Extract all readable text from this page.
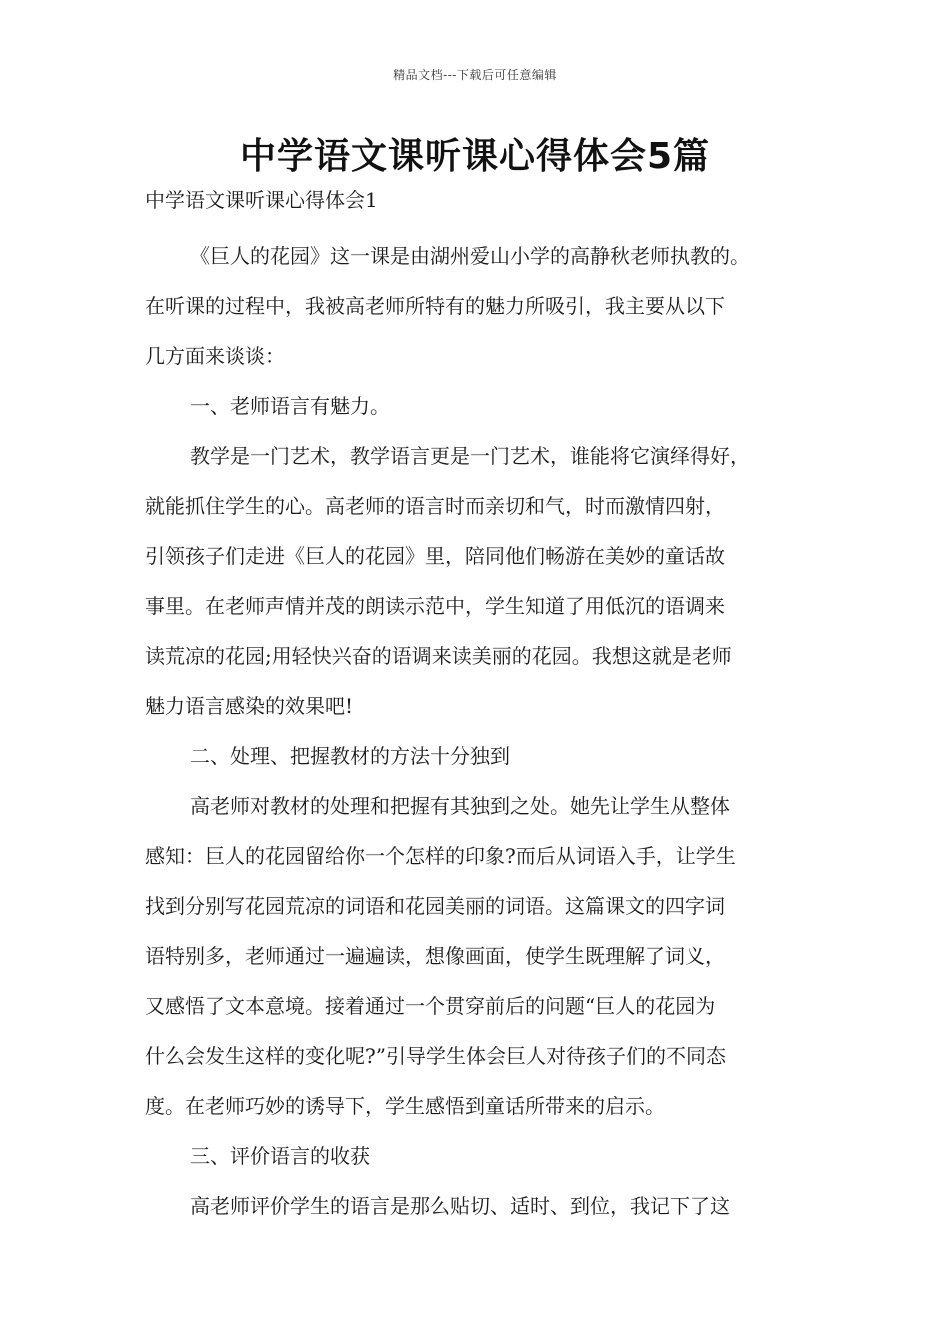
精品文档---下载后可任意编辑
中学语文课听课心得体会5篇

中学语文课听课心得体会1

《巨人的花园》这一课是由湖州爱山小学的高静秋老师执教的。
在听课的过程中，我被高老师所特有的魅力所吸引，我主要从以下
几方面来谈谈：

一、老师语言有魅力。

教学是一门艺术，教学语言更是一门艺术，谁能将它演绎得好，
就能抓住学生的心。高老师的语言时而亲切和气，时而激情四射，
引领孩子们走进《巨人的花园》里，陪同他们畅游在美妙的童话故
事里。在老师声情并茂的朗读示范中，学生知道了用低沉的语调来
读荒凉的花园;用轻快兴奋的语调来读美丽的花园。我想这就是老师
魅力语言感染的效果吧!

二、处理、把握教材的方法十分独到

高老师对教材的处理和把握有其独到之处。她先让学生从整体
感知：巨人的花园留给你一个怎样的印象?而后从词语入手，让学生
找到分别写花园荒凉的词语和花园美丽的词语。这篇课文的四字词
语特别多，老师通过一遍遍读，想像画面，使学生既理解了词义，
又感悟了文本意境。接着通过一个贯穿前后的问题“巨人的花园为
什么会发生这样的变化呢?”引导学生体会巨人对待孩子们的不同态
度。在老师巧妙的诱导下，学生感悟到童话所带来的启示。

三、评价语言的收获

高老师评价学生的语言是那么贴切、适时、到位，我记下了这
